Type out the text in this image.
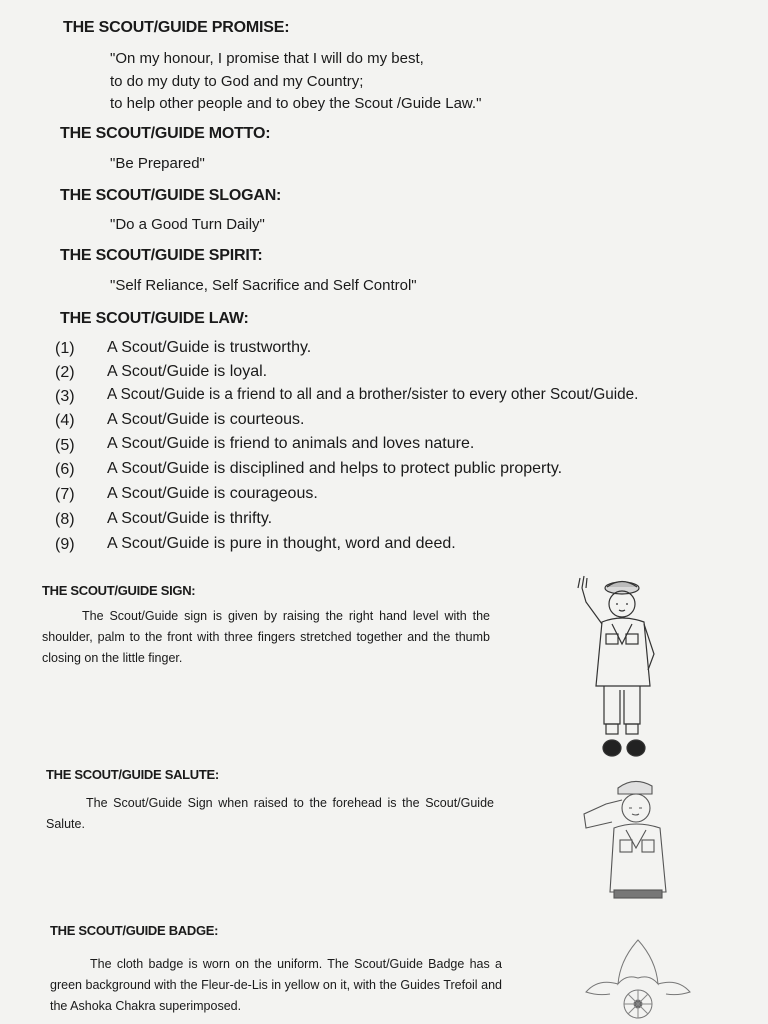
THE SCOUT/GUIDE PROMISE:
"On my honour, I promise that I will do my best,
to do my duty to God and my Country;
to help other people and to obey the Scout /Guide Law."
THE SCOUT/GUIDE MOTTO:
"Be Prepared"
THE SCOUT/GUIDE SLOGAN:
"Do a Good Turn Daily"
THE SCOUT/GUIDE SPIRIT:
"Self Reliance, Self Sacrifice and Self Control"
THE SCOUT/GUIDE LAW:
(1) A Scout/Guide is trustworthy.
(2) A Scout/Guide is loyal.
(3) A Scout/Guide is a friend to all and a brother/sister to every other Scout/Guide.
(4) A Scout/Guide is courteous.
(5) A Scout/Guide is friend to animals and loves nature.
(6) A Scout/Guide is disciplined and helps to protect public property.
(7) A Scout/Guide is courageous.
(8) A Scout/Guide is thrifty.
(9) A Scout/Guide is pure in thought, word and deed.
THE SCOUT/GUIDE SIGN:
The Scout/Guide sign is given by raising the right hand level with the shoulder, palm to the front with three fingers stretched together and the thumb closing on the little finger.
THE SCOUT/GUIDE SALUTE:
The Scout/Guide Sign when raised to the forehead is the Scout/Guide Salute.
THE SCOUT/GUIDE BADGE:
The cloth badge is worn on the uniform. The Scout/Guide Badge has a green background with the Fleur-de-Lis in yellow on it, with the Guides Trefoil and the Ashoka Chakra superimposed.
